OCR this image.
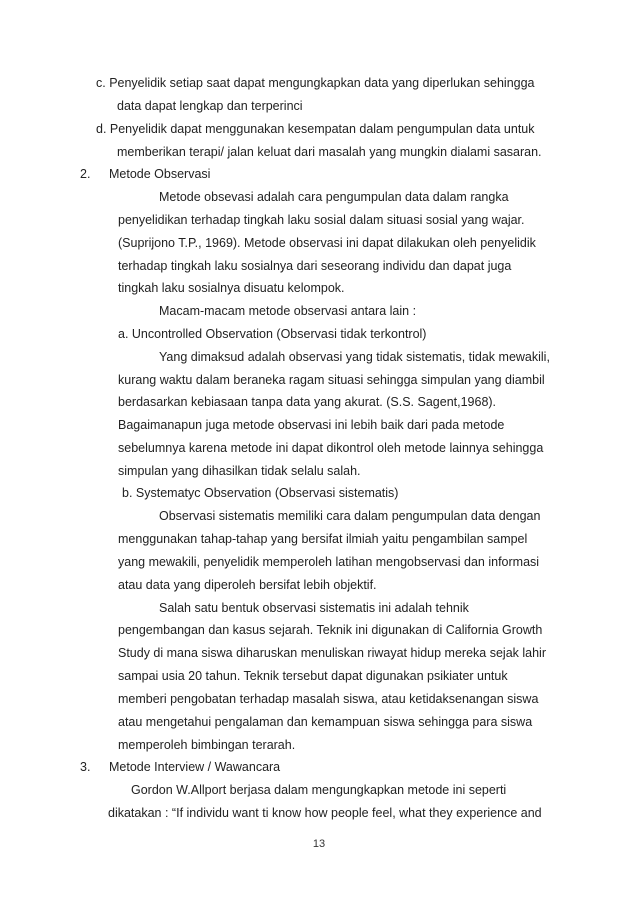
c. Penyelidik setiap saat dapat mengungkapkan data yang diperlukan sehingga
data dapat lengkap dan terperinci
d. Penyelidik dapat menggunakan kesempatan dalam pengumpulan data untuk
memberikan terapi/ jalan keluat dari masalah yang mungkin dialami sasaran.
2. Metode Observasi
Metode obsevasi adalah cara pengumpulan data dalam rangka
penyelidikan terhadap tingkah laku sosial dalam situasi sosial yang wajar.
(Suprijono T.P., 1969). Metode observasi ini dapat dilakukan oleh penyelidik
terhadap tingkah laku sosialnya dari seseorang individu dan dapat juga
tingkah laku sosialnya disuatu kelompok.
Macam-macam metode observasi antara lain :
a. Uncontrolled Observation (Observasi tidak terkontrol)
Yang dimaksud adalah observasi yang tidak sistematis, tidak mewakili,
kurang waktu dalam beraneka ragam situasi sehingga simpulan yang diambil
berdasarkan kebiasaan tanpa data yang akurat. (S.S. Sagent,1968).
Bagaimanapun juga metode observasi ini lebih baik dari pada metode
sebelumnya karena metode ini dapat dikontrol oleh metode lainnya sehingga
simpulan yang dihasilkan tidak selalu salah.
b. Systematyc Observation (Observasi sistematis)
Observasi sistematis memiliki cara dalam pengumpulan data dengan
menggunakan tahap-tahap yang bersifat ilmiah yaitu pengambilan sampel
yang mewakili, penyelidik memperoleh latihan mengobservasi dan informasi
atau data yang diperoleh bersifat lebih objektif.
Salah satu bentuk observasi sistematis ini adalah tehnik
pengembangan dan kasus sejarah. Teknik ini digunakan di California Growth
Study di mana siswa diharuskan menuliskan riwayat hidup mereka sejak lahir
sampai usia 20 tahun. Teknik tersebut dapat digunakan psikiater untuk
memberi pengobatan terhadap masalah siswa, atau ketidaksenangan siswa
atau mengetahui pengalaman dan kemampuan siswa sehingga para siswa
memperoleh bimbingan terarah.
3. Metode Interview / Wawancara
Gordon W.Allport berjasa dalam mengungkapkan metode ini seperti
dikatakan : “If individu want ti know how people feel, what they experience and
13
